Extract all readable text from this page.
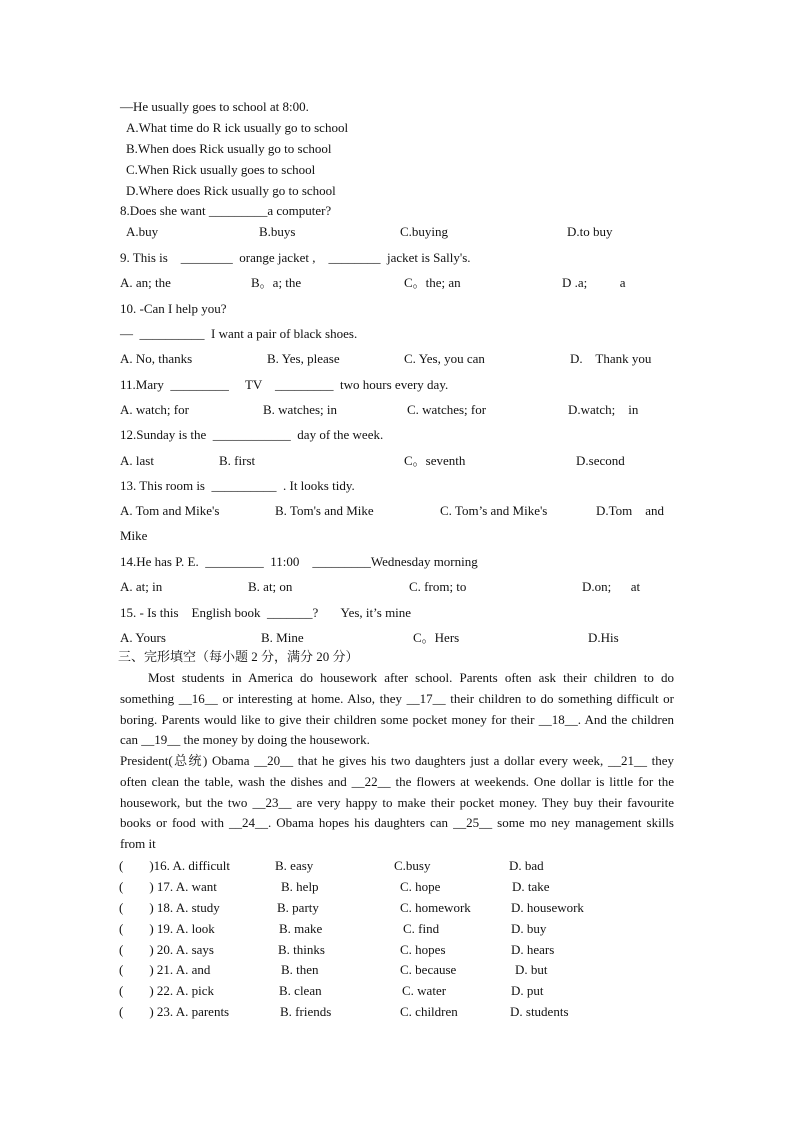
—He usually goes to school at 8:00.
A.What time do R ick usually go to school
B.When does Rick usually go to school
C.When Rick usually goes to school
D.Where does Rick usually go to school
8.Does she want _________a computer?
A.buy	B.buys	C.buying	D.to buy
9. This is    ________  orange jacket ,    ________  jacket is Sally's.
A. an; the	B。a; the	C。the; an	D .a;          a
10. -Can I help you?
—  __________  I want a pair of black shoes.
A. No, thanks	B. Yes, please	C. Yes, you can	D.    Thank you
11.Mary  _________     TV    _________  two hours every day.
A. watch; for	B. watches; in	C. watches; for	D.watch;    in
12.Sunday is the  ____________  day of the week.
A. last	B. first	C。seventh	D.second
13. This room is  __________  . It looks tidy.
A. Tom and Mike's	B. Tom's and Mike	C. Tom’s and Mike's	D.Tom    and
Mike
14.He has P. E.  _________  11:00    _________Wednesday morning
A. at; in	B. at; on	C. from; to	D.on;      at
15. - Is this    English book  _______?       Yes, it’s mine
A. Yours	B. Mine	C。Hers	D.His
三、完形填空（每小题 2 分，满分 20 分）
Most students in America do housework after school. Parents often ask their children to do something __16__ or interesting at home. Also, they __17__ their children to do something difficult or boring. Parents would like to give their children some pocket money for their __18__. And the children can __19__ the money by doing the housework.
President(总统) Obama __20__ that he gives his two daughters just a dollar every week, __21__ they often clean the table, wash the dishes and __22__ the flowers at weekends. One dollar is little for the housework, but the two __23__ are very happy to make their pocket money. They buy their favourite books or food with __24__. Obama hopes his daughters can __25__ some mo ney management skills from it
(        )16. A. difficult	B. easy	C.busy	D. bad
(        ) 17. A. want	B. help	C. hope	D. take
(        ) 18. A. study	B. party	C. homework	D. housework
(        ) 19. A. look	B. make	C. find	D. buy
(        ) 20. A. says	B. thinks	C. hopes	D. hears
(        ) 21. A. and	B. then	C. because	D. but
(        ) 22. A. pick	B. clean	C. water	D. put
(        ) 23. A. parents	B. friends	C. children	D. students
